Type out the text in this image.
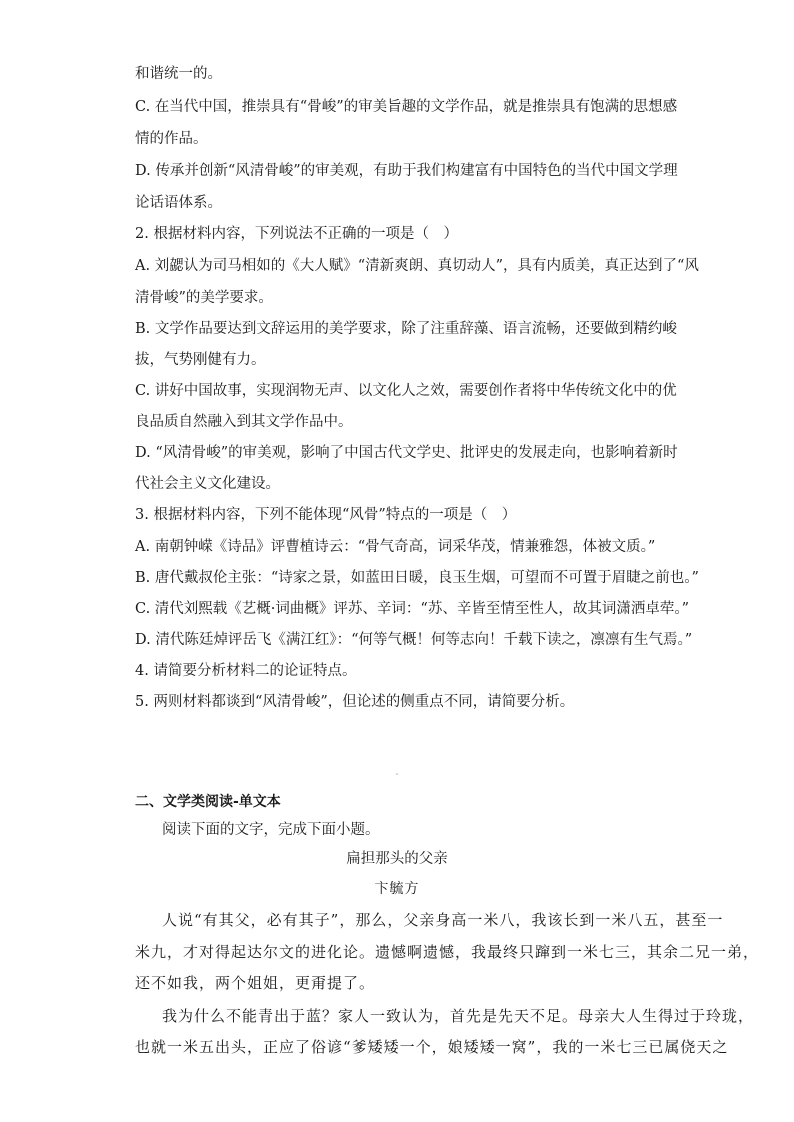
和谐统一的。
C. 在当代中国，推崇具有“骨峻”的审美旨趣的文学作品，就是推崇具有饱满的思想感
情的作品。
D. 传承并创新“风清骨峻”的审美观，有助于我们构建富有中国特色的当代中国文学理
论话语体系。
2. 根据材料内容，下列说法不正确的一项是（　）
A. 刘勰认为司马相如的《大人赋》“清新爽朗、真切动人”，具有内质美，真正达到了“风
清骨峻”的美学要求。
B. 文学作品要达到文辞运用的美学要求，除了注重辞藻、语言流畅，还要做到精约峻
拔，气势刚健有力。
C. 讲好中国故事，实现润物无声、以文化人之效，需要创作者将中华传统文化中的优
良品质自然融入到其文学作品中。
D. “风清骨峻”的审美观，影响了中国古代文学史、批评史的发展走向，也影响着新时
代社会主义文化建设。
3. 根据材料内容，下列不能体现“风骨”特点的一项是（　）
A. 南朝钟嵘《诗品》评曹植诗云：“骨气奇高，词采华茂，情兼雅怨，体被文质。”
B. 唐代戴叔伦主张：“诗家之景，如蓝田日暖，良玉生烟，可望而不可置于眉睫之前也。”
C. 清代刘熙载《艺概·词曲概》评苏、辛词：“苏、辛皆至情至性人，故其词潇洒卓荦。”
D. 清代陈廷焯评岳飞《满江红》：“何等气概！何等志向！千载下读之，凛凛有生气焉。”
4. 请简要分析材料二的论证特点。
5. 两则材料都谈到“风清骨峻”，但论述的侧重点不同，请简要分析。
二、文学类阅读-单文本
阅读下面的文字，完成下面小题。
扁担那头的父亲
卞毓方
人说“有其父，必有其子”，那么，父亲身高一米八，我该长到一米八五，甚至一
米九，才对得起达尔文的进化论。遗憾啊遗憾，我最终只蹿到一米七三，其余二兄一弟，
还不如我，两个姐姐，更甭提了。
我为什么不能青出于蓝？家人一致认为，首先是先天不足。母亲大人生得过于玲珑，
也就一米五出头，正应了俗谚“爹矮矮一个，娘矮矮一窝”，我的一米七三已属侥天之
